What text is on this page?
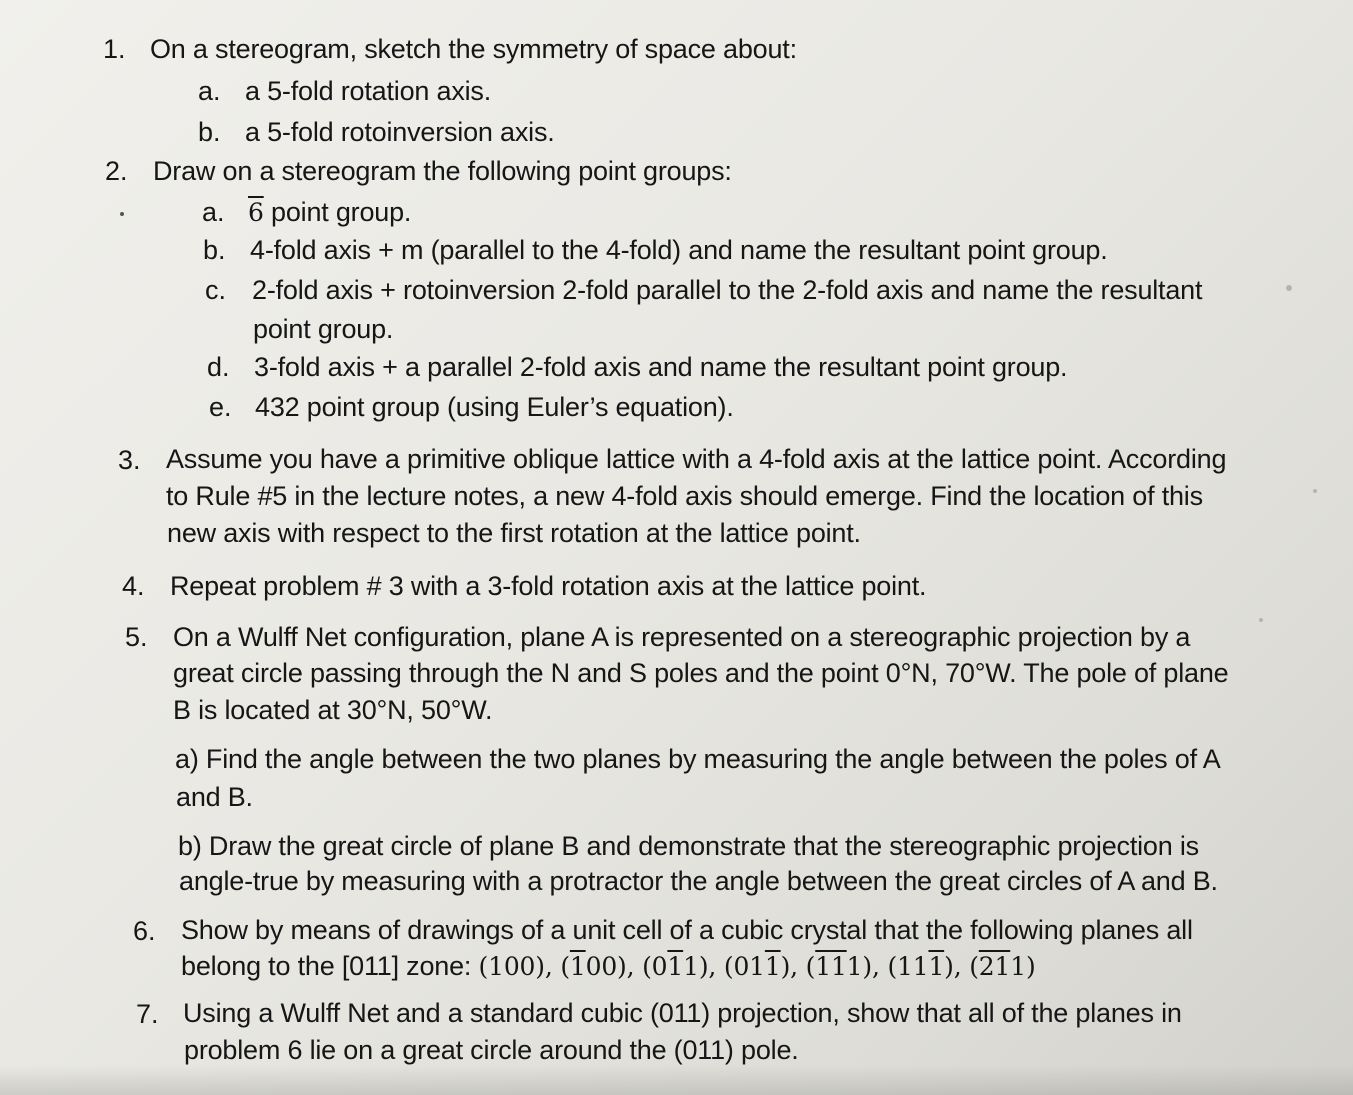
1. On a stereogram, sketch the symmetry of space about:
a. a 5-fold rotation axis.
b. a 5-fold rotoinversion axis.
2. Draw on a stereogram the following point groups:
a. 6 point group.
b. 4-fold axis + m (parallel to the 4-fold) and name the resultant point group.
c. 2-fold axis + rotoinversion 2-fold parallel to the 2-fold axis and name the resultant
point group.
d. 3-fold axis + a parallel 2-fold axis and name the resultant point group.
e. 432 point group (using Euler’s equation).
3. Assume you have a primitive oblique lattice with a 4-fold axis at the lattice point. According
to Rule #5 in the lecture notes, a new 4-fold axis should emerge. Find the location of this
new axis with respect to the first rotation at the lattice point.
4. Repeat problem # 3 with a 3-fold rotation axis at the lattice point.
5. On a Wulff Net configuration, plane A is represented on a stereographic projection by a
great circle passing through the N and S poles and the point 0°N, 70°W. The pole of plane
B is located at 30°N, 50°W.
a) Find the angle between the two planes by measuring the angle between the poles of A
and B.
b) Draw the great circle of plane B and demonstrate that the stereographic projection is
angle-true by measuring with a protractor the angle between the great circles of A and B.
6. Show by means of drawings of a unit cell of a cubic crystal that the following planes all
belong to the [011] zone: (100), (100), (011), (011), (111), (111), (211)
7. Using a Wulff Net and a standard cubic (011) projection, show that all of the planes in
problem 6 lie on a great circle around the (011) pole.
